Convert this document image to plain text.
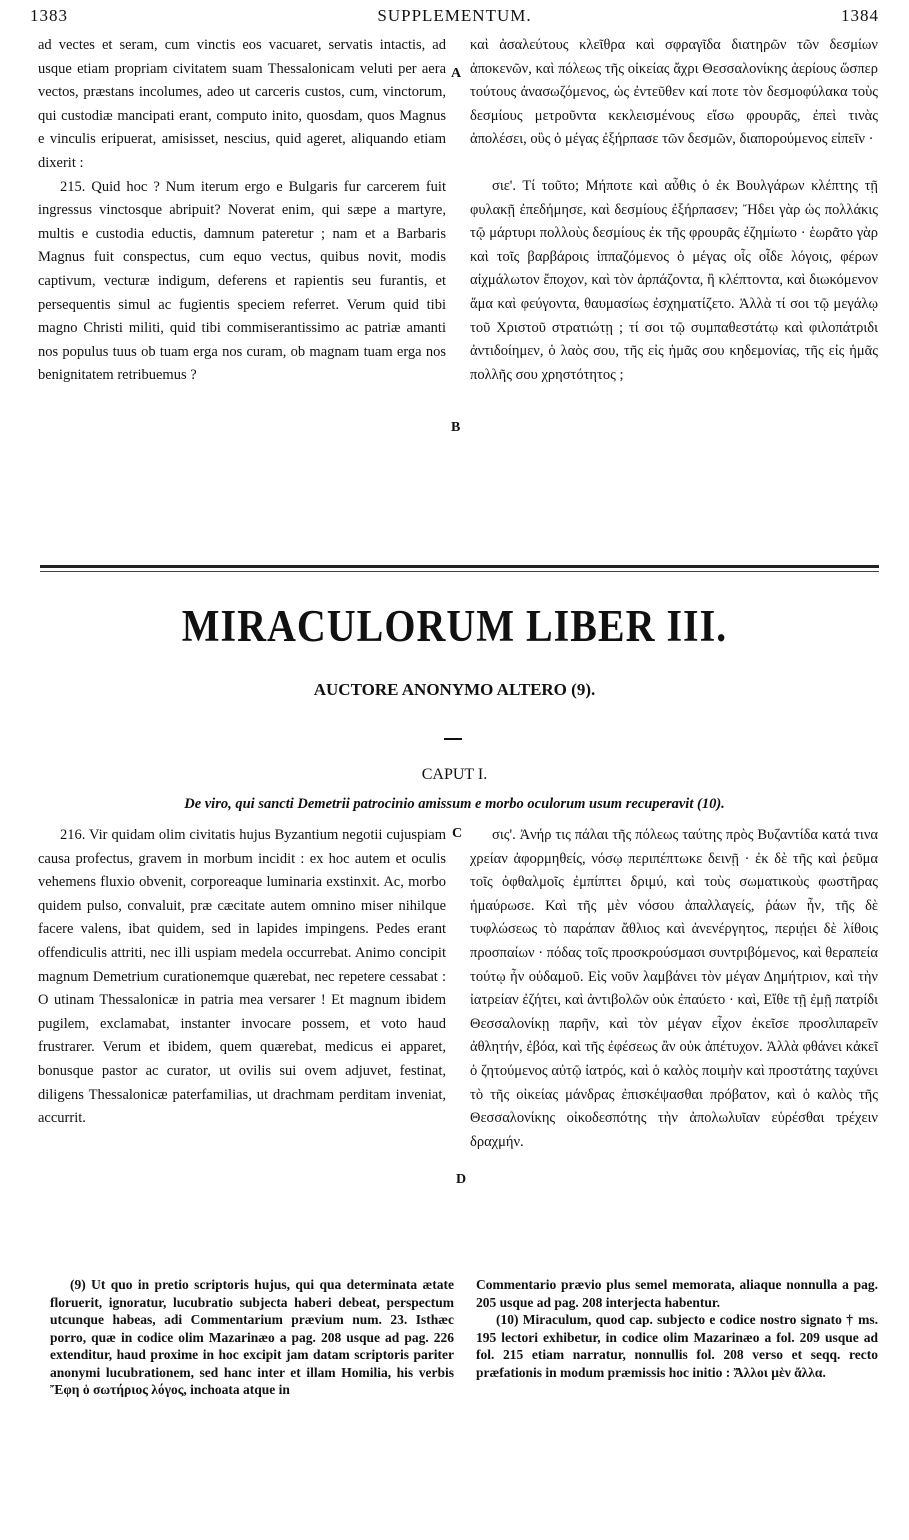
1383	SUPPLEMENTUM.	1384

ad vectes et seram, cum vinctis eos vacuaret, servatis intactis, ad usque etiam propriam civitatem suam Thessalonicam veluti per aera vectos, præstans incolumes, adeo ut carceris custos, cum, vinctorum, qui custodiæ mancipati erant, computo inito, quosdam, quos Magnus e vinculis eripuerat, amisisset, nescius, quid ageret, aliquando etiam dixerit :

215. Quid hoc ? Num iterum ergo e Bulgaris fur carcerem fuit ingressus vinctosque abripuit? Noverat enim, qui sæpe a martyre, multis e custodia eductis, damnum pateretur ; nam et a Barbaris Magnus fuit conspectus, cum equo vectus, quibus novit, modis captivum, vecturæ indigum, deferens et rapientis seu furantis, et persequentis simul ac fugientis speciem referret. Verum quid tibi magno Christi militi, quid tibi commiserantissimo ac patriæ amanti nos populus tuus ob tuam erga nos curam, ob magnam tuam erga nos benignitatem retribuemus ?

καὶ ἀσαλεύτους κλεῖθρα καὶ σφραγῖδα διατηρῶν τῶν δεσμίων ἀποκενῶν, καὶ πόλεως τῆς οἰκείας ἄχρι Θεσσαλονίκης ἀερίους ὥσπερ τούτους ἀνασωζόμενος, ὡς ἐντεῦθεν καί ποτε τὸν δεσμοφύλακα τοὺς δεσμίους μετροῦντα κεκλεισμένους εἴσω φρουρᾶς, ἐπεὶ τινὰς ἀπολέσει, οὓς ὁ μέγας ἐξήρπασε τῶν δεσμῶν, διαπορούμενος εἰπεῖν ·

σιε'. Τί τοῦτο; Μήποτε καὶ αὖθις ὁ ἐκ Βουλγάρων κλέπτης τῇ φυλακῇ ἐπεδήμησε, καὶ δεσμίους ἐξήρπασεν; Ἤδει γὰρ ὡς πολλάκις τῷ μάρτυρι πολλοὺς δεσμίους ἐκ τῆς φρουρᾶς ἐζημίωτο · ἑωρᾶτο γὰρ καὶ τοῖς βαρβάροις ἱππαζόμενος ὁ μέγας οἷς οἶδε λόγοις, φέρων αἰχμάλωτον ἔποχον, καὶ τὸν ἁρπάζοντα, ἢ κλέπτοντα, καὶ διωκόμενον ἅμα καὶ φεύγοντα, θαυμασίως ἐσχηματίζετο. Ἀλλὰ τί σοι τῷ μεγάλῳ τοῦ Χριστοῦ στρατιώτῃ ; τί σοι τῷ συμπαθεστάτῳ καὶ φιλοπάτριδι ἀντιδοίημεν, ὁ λαὸς σου, τῆς εἰς ἡμᾶς σου κηδεμονίας, τῆς εἰς ἡμᾶς πολλῆς σου χρηστότητος ;

A
B
MIRACULORUM LIBER III.
AUCTORE ANONYMO ALTERO (9).
CAPUT I.
De viro, qui sancti Demetrii patrocinio amissum e morbo oculorum usum recuperavit (10).

216. Vir quidam olim civitatis hujus Byzantium negotii cujuspiam causa profectus, gravem in morbum incidit : ex hoc autem et oculis vehemens fluxio obvenit, corporeaque luminaria exstinxit. Ac, morbo quidem pulso, convaluit, præ cæcitate autem omnino miser nihilque facere valens, ibat quidem, sed in lapides impingens. Pedes erant offendiculis attriti, nec illi uspiam medela occurrebat. Animo concipit magnum Demetrium curationemque quærebat, nec repetere cessabat : O utinam Thessalonicæ in patria mea versarer ! Et magnum ibidem pugilem, exclamabat, instanter invocare possem, et voto haud frustrarer. Verum et ibidem, quem quærebat, medicus ei apparet, bonusque pastor ac curator, ut ovilis sui ovem adjuvet, festinat, diligens Thessalonicæ paterfamilias, ut drachmam perditam inveniat, accurrit.

σις'. Ἀνήρ τις πάλαι τῆς πόλεως ταύτης πρὸς Βυζαντίδα κατά τινα χρείαν ἀφορμηθείς, νόσῳ περιπέπτωκε δεινῇ · ἐκ δὲ τῆς καὶ ῥεῦμα τοῖς ὀφθαλμοῖς ἐμπίπτει δριμύ, καὶ τοὺς σωματικοὺς φωστῆρας ἠμαύρωσε. Καὶ τῆς μὲν νόσου ἀπαλλαγείς, ῥάων ἦν, τῆς δὲ τυφλώσεως τὸ παράπαν ἄθλιος καὶ ἀνενέργητος, περιῄει δὲ λίθοις προσπαίων · πόδας τοῖς προσκρούσμασι συντριβόμενος, καὶ θεραπεία τούτῳ ἦν οὐδαμοῦ. Εἰς νοῦν λαμβάνει τὸν μέγαν Δημήτριον, καὶ τὴν ἰατρείαν ἐζήτει, καὶ ἀντιβολῶν οὐκ ἐπαύετο · καὶ, Εἴθε τῇ ἐμῇ πατρίδι Θεσσαλονίκῃ παρῆν, καὶ τὸν μέγαν εἶχον ἐκεῖσε προσλιπαρεῖν ἀθλητήν, ἐβόα, καὶ τῆς ἐφέσεως ἂν οὐκ ἀπέτυχον. Ἀλλὰ φθάνει κἀκεῖ ὁ ζητούμενος αὐτῷ ἰατρός, καὶ ὁ καλὸς ποιμὴν καὶ προστάτης ταχύνει τὸ τῆς οἰκείας μάνδρας ἐπισκέψασθαι πρόβατον, καὶ ὁ καλὸς τῆς Θεσσαλονίκης οἰκοδεσπότης τὴν ἀπολωλυῖαν εὑρέσθαι τρέχειν δραχμήν.

C
D

(9) Ut quo in pretio scriptoris hujus, qui qua determinata ætate floruerit, ignoratur, lucubratio subjecta haberi debeat, perspectum utcunque habeas, adi Commentarium prævium num. 23. Isthæc porro, quæ in codice olim Mazarinæo a pag. 208 usque ad pag. 226 extenditur, haud proxime in hoc excipit jam datam scriptoris pariter anonymi lucubrationem, sed hanc inter et illam Homilia, his verbis Ἔφη ὁ σωτήριος λόγος, inchoata atque in

Commentario prævio plus semel memorata, aliaque nonnulla a pag. 205 usque ad pag. 208 interjecta habentur.

(10) Miraculum, quod cap. subjecto e codice nostro signato † ms. 195 lectori exhibetur, in codice olim Mazarinæo a fol. 209 usque ad fol. 215 etiam narratur, nonnullis fol. 208 verso et seqq. recto præfationis in modum præmissis hoc initio : Ἄλλοι μὲν ἄλλα.
